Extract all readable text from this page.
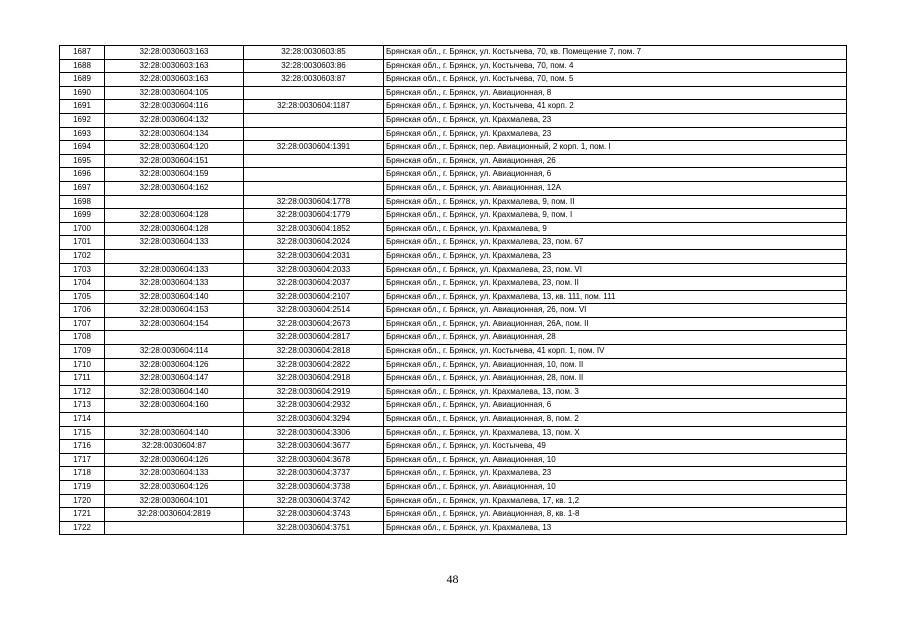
1687	32:28:0030603:163	32:28:0030603:85	Брянская обл., г. Брянск, ул. Костычева, 70, кв. Помещение 7, пом. 7
1688	32:28:0030603:163	32:28:0030603:86	Брянская обл., г. Брянск, ул. Костычева, 70, пом. 4
1689	32:28:0030603:163	32:28:0030603:87	Брянская обл., г. Брянск, ул. Костычева, 70, пом. 5
1690	32:28:0030604:105		Брянская обл., г. Брянск, ул. Авиационная, 8
1691	32:28:0030604:116	32:28:0030604:1187	Брянская обл., г. Брянск, ул. Костычева, 41 корп. 2
1692	32:28:0030604:132		Брянская обл., г. Брянск, ул. Крахмалева, 23
1693	32:28:0030604:134		Брянская обл., г. Брянск, ул. Крахмалева, 23
1694	32:28:0030604:120	32:28:0030604:1391	Брянская обл., г. Брянск, пер. Авиационный, 2 корп. 1, пом. I
1695	32:28:0030604:151		Брянская обл., г. Брянск, ул. Авиационная, 26
1696	32:28:0030604:159		Брянская обл., г. Брянск, ул. Авиационная, 6
1697	32:28:0030604:162		Брянская обл., г. Брянск, ул. Авиационная, 12А
1698		32:28:0030604:1778	Брянская обл., г. Брянск, ул. Крахмалева, 9, пом. II
1699	32:28:0030604:128	32:28:0030604:1779	Брянская обл., г. Брянск, ул. Крахмалева, 9, пом. I
1700	32:28:0030604:128	32:28:0030604:1852	Брянская обл., г. Брянск, ул. Крахмалева, 9
1701	32:28:0030604:133	32:28:0030604:2024	Брянская обл., г. Брянск, ул. Крахмалева, 23, пом. 67
1702		32:28:0030604:2031	Брянская обл., г. Брянск, ул. Крахмалева, 23
1703	32:28:0030604:133	32:28:0030604:2033	Брянская обл., г. Брянск, ул. Крахмалева, 23, пом. VI
1704	32:28:0030604:133	32:28:0030604:2037	Брянская обл., г. Брянск, ул. Крахмалева, 23, пом. II
1705	32:28:0030604:140	32:28:0030604:2107	Брянская обл., г. Брянск, ул. Крахмалева, 13, кв. 111, пом. 111
1706	32:28:0030604:153	32:28:0030604:2514	Брянская обл., г. Брянск, ул. Авиационная, 26, пом. VI
1707	32:28:0030604:154	32:28:0030604:2673	Брянская обл., г. Брянск, ул. Авиационная, 26А, пом. II
1708		32:28:0030604:2817	Брянская обл., г. Брянск, ул. Авиационная, 28
1709	32:28:0030604:114	32:28:0030604:2818	Брянская обл., г. Брянск, ул. Костычева, 41 корп. 1, пом. IV
1710	32:28:0030604:126	32:28:0030604:2822	Брянская обл., г. Брянск, ул. Авиационная, 10, пом. II
1711	32:28:0030604:147	32:28:0030604:2918	Брянская обл., г. Брянск, ул. Авиационная, 28, пом. II
1712	32:28:0030604:140	32:28:0030604:2919	Брянская обл., г. Брянск, ул. Крахмалева, 13, пом. 3
1713	32:28:0030604:160	32:28:0030604:2932	Брянская обл., г. Брянск, ул. Авиационная, 6
1714		32:28:0030604:3294	Брянская обл., г. Брянск, ул. Авиационная, 8, пом. 2
1715	32:28:0030604:140	32:28:0030604:3306	Брянская обл., г. Брянск, ул. Крахмалева, 13, пом. X
1716	32:28:0030604:87	32:28:0030604:3677	Брянская обл., г. Брянск, ул. Костычева, 49
1717	32:28:0030604:126	32:28:0030604:3678	Брянская обл., г. Брянск, ул. Авиационная, 10
1718	32:28:0030604:133	32:28:0030604:3737	Брянская обл., г. Брянск, ул. Крахмалева, 23
1719	32:28:0030604:126	32:28:0030604:3738	Брянская обл., г. Брянск, ул. Авиационная, 10
1720	32:28:0030604:101	32:28:0030604:3742	Брянская обл., г. Брянск, ул. Крахмалева, 17, кв. 1,2
1721	32:28:0030604:2819	32:28:0030604:3743	Брянская обл., г. Брянск, ул. Авиационная, 8, кв. 1-8
1722		32:28:0030604:3751	Брянская обл., г. Брянск, ул. Крахмалева, 13
48
